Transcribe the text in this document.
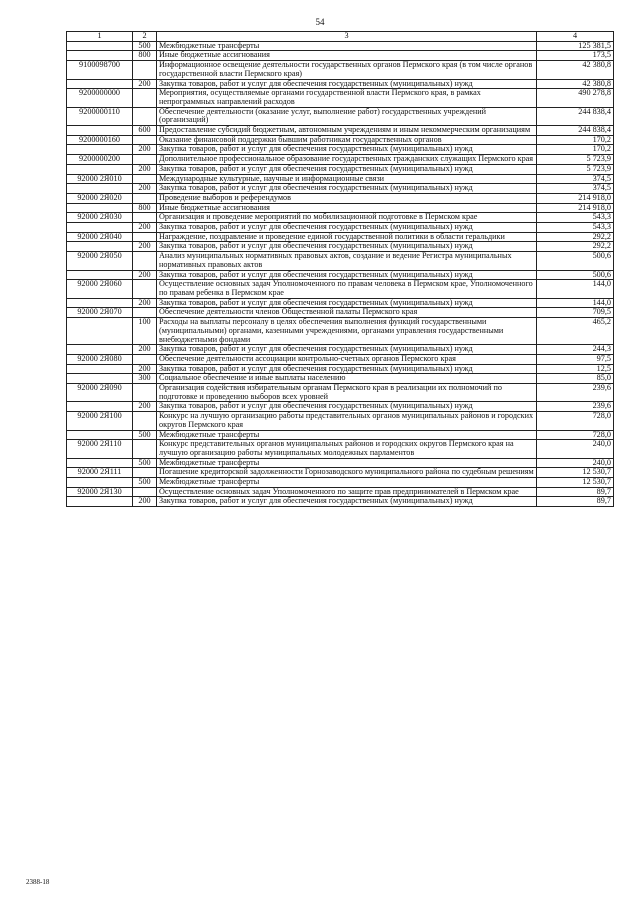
54
1	2	3	4
	500	Межбюджетные трансферты	125 381,5
	800	Иные бюджетные ассигнования	173,5
9100098700		Информационное освещение деятельности государственных органов Пермского края (в том числе органов государственной власти Пермского края)	42 380,8
	200	Закупка товаров, работ и услуг для обеспечения государственных (муниципальных) нужд	42 380,8
9200000000		Мероприятия, осуществляемые органами государственной власти Пермского края, в рамках непрограммных направлений расходов	490 278,8
9200000110		Обеспечение деятельности (оказание услуг, выполнение работ) государственных учреждений (организаций)	244 838,4
	600	Предоставление субсидий бюджетным, автономным учреждениям и иным некоммерческим организациям	244 838,4
9200000160		Оказание финансовой поддержки бывшим работникам государственных органов	170,2
	200	Закупка товаров, работ и услуг для обеспечения государственных (муниципальных) нужд	170,2
9200000200		Дополнительное профессиональное образование государственных гражданских служащих Пермского края	5 723,9
	200	Закупка товаров, работ и услуг для обеспечения государственных (муниципальных) нужд	5 723,9
92000 2Я010		Международные культурные, научные и информационные связи	374,5
	200	Закупка товаров, работ и услуг для обеспечения государственных (муниципальных) нужд	374,5
92000 2Я020		Проведение выборов и референдумов	214 918,0
	800	Иные бюджетные ассигнования	214 918,0
92000 2Я030		Организация и проведение мероприятий по мобилизационной подготовке в Пермском крае	543,3
	200	Закупка товаров, работ и услуг для обеспечения государственных (муниципальных) нужд	543,3
92000 2Я040		Награждение, поздравление и проведение единой государственной политики в области геральдики	292,2
	200	Закупка товаров, работ и услуг для обеспечения государственных (муниципальных) нужд	292,2
92000 2Я050		Анализ муниципальных нормативных правовых актов, создание и ведение Регистра муниципальных нормативных правовых актов	500,6
	200	Закупка товаров, работ и услуг для обеспечения государственных (муниципальных) нужд	500,6
92000 2Я060		Осуществление основных задач Уполномоченного по правам человека в Пермском крае, Уполномоченного по правам ребенка в Пермском крае	144,0
	200	Закупка товаров, работ и услуг для обеспечения государственных (муниципальных) нужд	144,0
92000 2Я070		Обеспечение деятельности членов Общественной палаты Пермского края	709,5
	100	Расходы на выплаты персоналу в целях обеспечения выполнения функций государственными (муниципальными) органами, казенными учреждениями, органами управления государственными внебюджетными фондами	465,2
	200	Закупка товаров, работ и услуг для обеспечения государственных (муниципальных) нужд	244,3
92000 2Я080		Обеспечение деятельности ассоциации контрольно-счетных органов Пермского края	97,5
	200	Закупка товаров, работ и услуг для обеспечения государственных (муниципальных) нужд	12,5
	300	Социальное обеспечение и иные выплаты населению	85,0
92000 2Я090		Организация содействия избирательным органам Пермского края в реализации их полномочий по подготовке и проведению выборов всех уровней	239,6
	200	Закупка товаров, работ и услуг для обеспечения государственных (муниципальных) нужд	239,6
92000 2Я100		Конкурс на лучшую организацию работы представительных органов муниципальных районов и городских округов Пермского края	728,0
	500	Межбюджетные трансферты	728,0
92000 2Я110		Конкурс представительных органов муниципальных районов и городских округов Пермского края на лучшую организацию работы муниципальных молодежных парламентов	240,0
	500	Межбюджетные трансферты	240,0
92000 2Я111		Погашение кредиторской задолженности Горнозаводского муниципального района по судебным решениям	12 530,7
	500	Межбюджетные трансферты	12 530,7
92000 2Я130		Осуществление основных задач Уполномоченного по защите прав предпринимателей в Пермском крае	89,7
	200	Закупка товаров, работ и услуг для обеспечения государственных (муниципальных) нужд	89,7
2388-18
